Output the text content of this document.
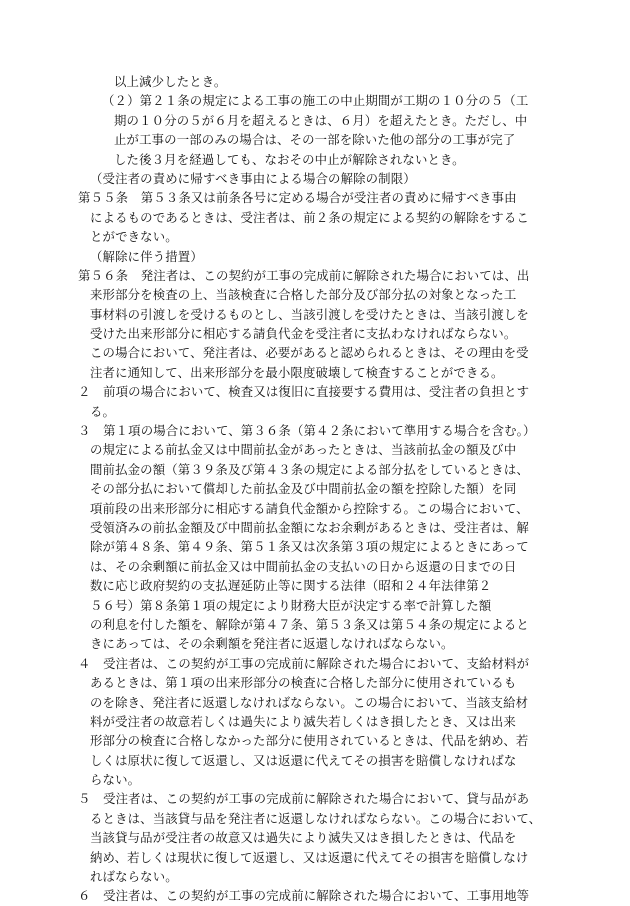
以上減少したとき。
（２）第２１条の規定による工事の施工の中止期間が工期の１０分の５（工
期の１０分の５が６月を超えるときは、６月）を超えたとき。ただし、中
止が工事の一部のみの場合は、その一部を除いた他の部分の工事が完了
した後３月を経過しても、なおその中止が解除されないとき。
（受注者の責めに帰すべき事由による場合の解除の制限）
第５５条　第５３条又は前条各号に定める場合が受注者の責めに帰すべき事由
によるものであるときは、受注者は、前２条の規定による契約の解除をするこ
とができない。
（解除に伴う措置）
第５６条　発注者は、この契約が工事の完成前に解除された場合においては、出
来形部分を検査の上、当該検査に合格した部分及び部分払の対象となった工
事材料の引渡しを受けるものとし、当該引渡しを受けたときは、当該引渡しを
受けた出来形部分に相応する請負代金を受注者に支払わなければならない。
この場合において、発注者は、必要があると認められるときは、その理由を受
注者に通知して、出来形部分を最小限度破壊して検査することができる。
２　前項の場合において、検査又は復旧に直接要する費用は、受注者の負担とす
る。
３　第１項の場合において、第３６条（第４２条において準用する場合を含む。）
の規定による前払金又は中間前払金があったときは、当該前払金の額及び中
間前払金の額（第３９条及び第４３条の規定による部分払をしているときは、
その部分払において償却した前払金及び中間前払金の額を控除した額）を同
項前段の出来形部分に相応する請負代金額から控除する。この場合において、
受領済みの前払金額及び中間前払金額になお余剰があるときは、受注者は、解
除が第４８条、第４９条、第５１条又は次条第３項の規定によるときにあって
は、その余剰額に前払金又は中間前払金の支払いの日から返還の日までの日
数に応じ政府契約の支払遅延防止等に関する法律（昭和２４年法律第２
５６号）第８条第１項の規定により財務大臣が決定する率で計算した額
の利息を付した額を、解除が第４７条、第５３条又は第５４条の規定によると
きにあっては、その余剰額を発注者に返還しなければならない。
４　受注者は、この契約が工事の完成前に解除された場合において、支給材料が
あるときは、第１項の出来形部分の検査に合格した部分に使用されているも
のを除き、発注者に返還しなければならない。この場合において、当該支給材
料が受注者の故意若しくは過失により滅失若しくはき損したとき、又は出来
形部分の検査に合格しなかった部分に使用されているときは、代品を納め、若
しくは原状に復して返還し、又は返還に代えてその損害を賠償しなければな
らない。
５　受注者は、この契約が工事の完成前に解除された場合において、貸与品があ
るときは、当該貸与品を発注者に返還しなければならない。この場合において、
当該貸与品が受注者の故意又は過失により滅失又はき損したときは、代品を
納め、若しくは現状に復して返還し、又は返還に代えてその損害を賠償しなけ
ればならない。
６　受注者は、この契約が工事の完成前に解除された場合において、工事用地等
